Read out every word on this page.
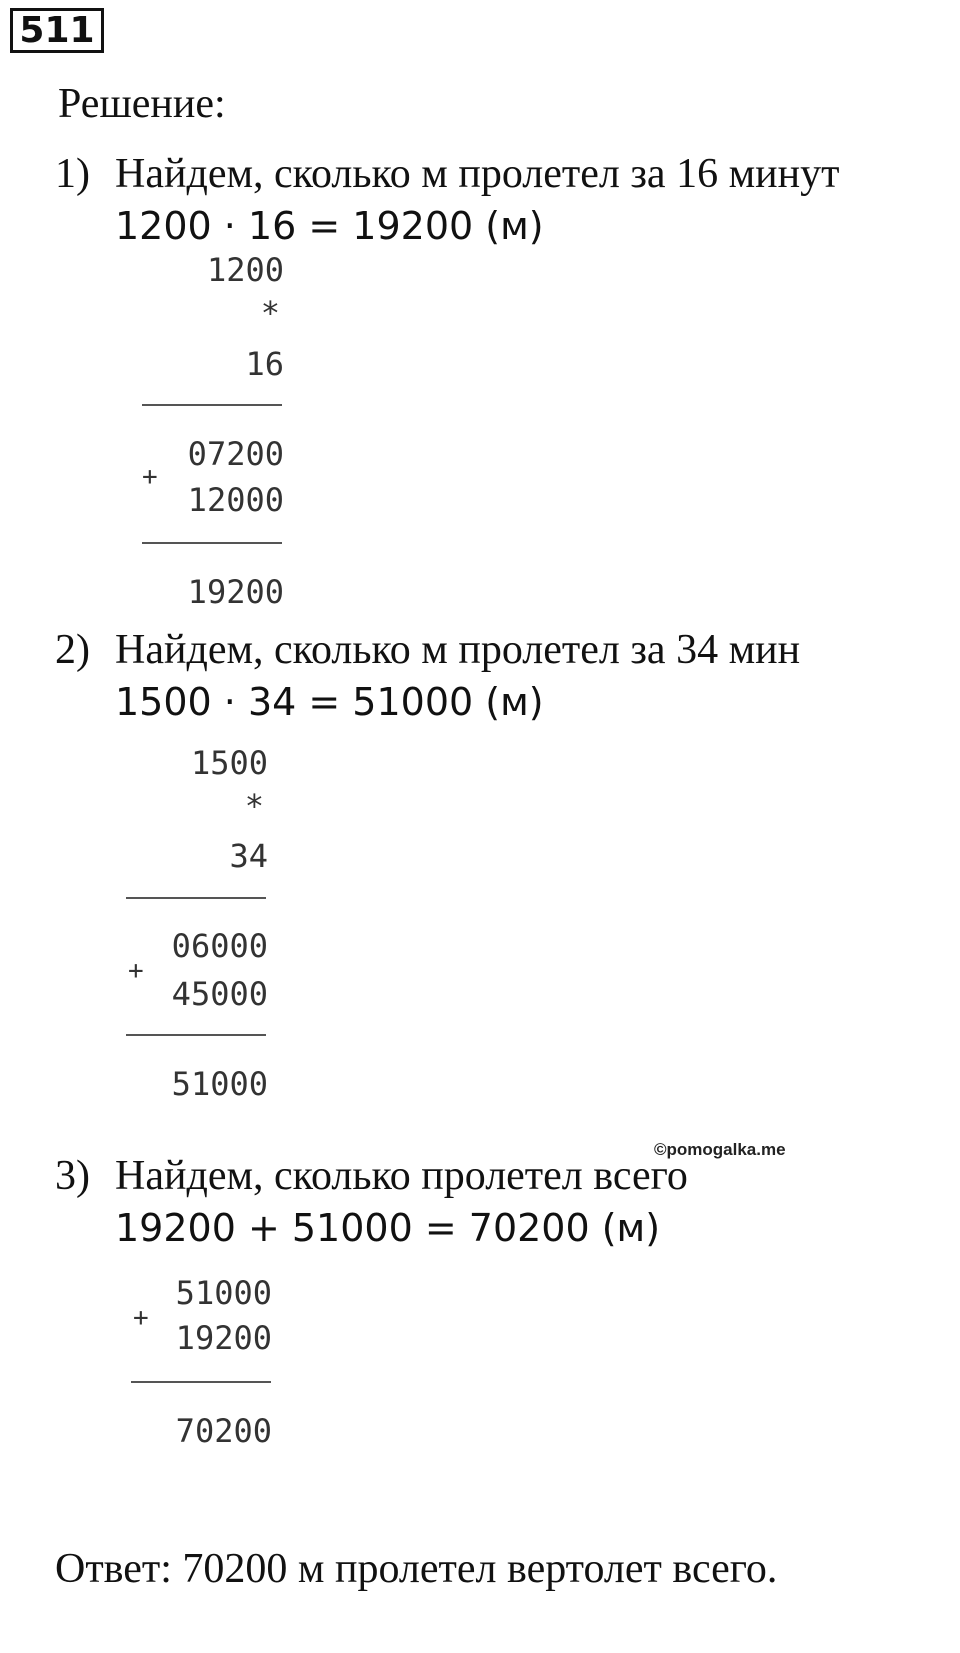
511
Решение:
1) Найдем, сколько м пролетел за 16 минут
1200 · 16 = 19200 (м)
1200
*
16
+
07200
12000
19200
2) Найдем, сколько м пролетел за 34 мин
1500 · 34 = 51000 (м)
1500
*
34
+
06000
45000
51000
©pomogalka.me
3) Найдем, сколько пролетел всего
19200 + 51000 = 70200 (м)
+
51000
19200
70200
Ответ: 70200 м пролетел вертолет всего.
